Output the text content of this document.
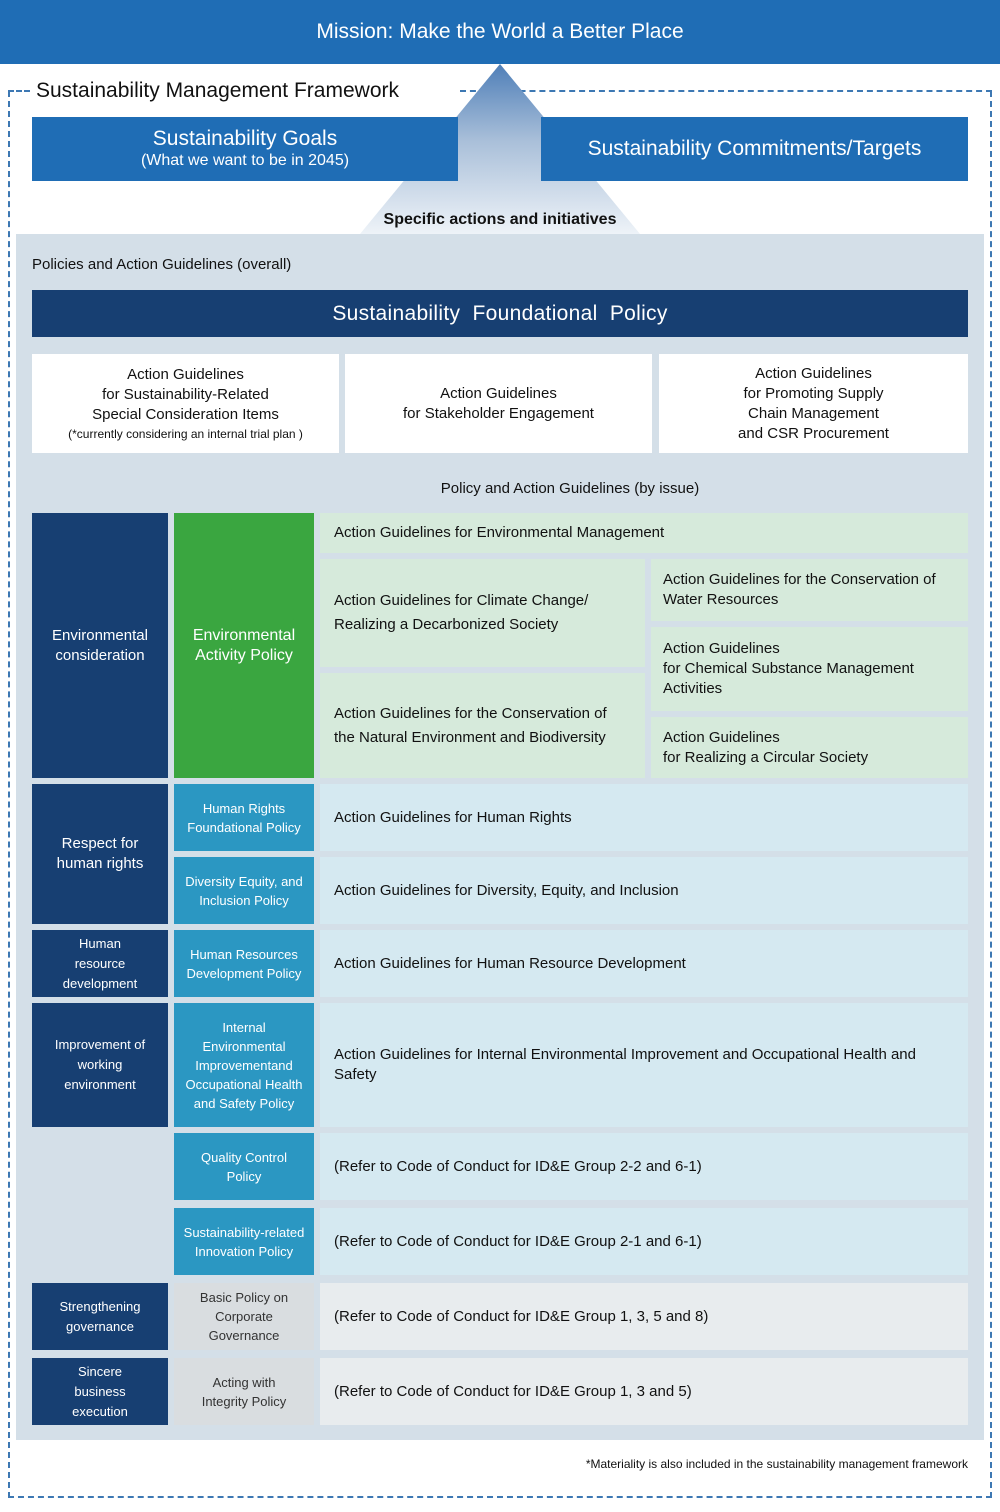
Mission: Make the World a Better Place
Sustainability Management Framework
Sustainability Goals
(What we want to be in 2045)
Sustainability Commitments/Targets
Specific actions and initiatives
Policies and Action Guidelines (overall)
Sustainability  Foundational  Policy
Action Guidelines
for Sustainability-Related
Special Consideration Items
(*currently considering an internal trial plan )
Action Guidelines
for Stakeholder Engagement
Action Guidelines
for Promoting Supply
Chain Management
and CSR Procurement
Policy and Action Guidelines (by issue)
Environmental consideration
Environmental Activity Policy
Action Guidelines for Environmental Management
Action Guidelines for Climate Change/ Realizing a Decarbonized Society
Action Guidelines for the Conservation of the Natural Environment and Biodiversity
Action Guidelines for the Conservation of Water Resources
Action Guidelines
for Chemical Substance Management
Activities
Action Guidelines
for Realizing a Circular Society
Respect for human rights
Human Rights Foundational Policy
Action Guidelines for Human Rights
Diversity Equity, and Inclusion Policy
Action Guidelines for Diversity, Equity, and Inclusion
Human resource development
Human Resources Development Policy
Action Guidelines for Human Resource Development
Improvement of working environment
Internal Environmental Improvementand Occupational Health and Safety Policy
Action Guidelines for Internal Environmental Improvement and Occupational Health and Safety
Quality Control Policy
(Refer to Code of Conduct for ID&E Group 2-2 and 6-1)
Sustainability-related Innovation Policy
(Refer to Code of Conduct for ID&E Group 2-1 and 6-1)
Strengthening governance
Basic Policy on Corporate Governance
(Refer to Code of Conduct for ID&E Group 1, 3, 5 and 8)
Sincere business execution
Acting with Integrity Policy
(Refer to Code of Conduct for ID&E Group 1, 3 and 5)
*Materiality is also included in the sustainability management framework
